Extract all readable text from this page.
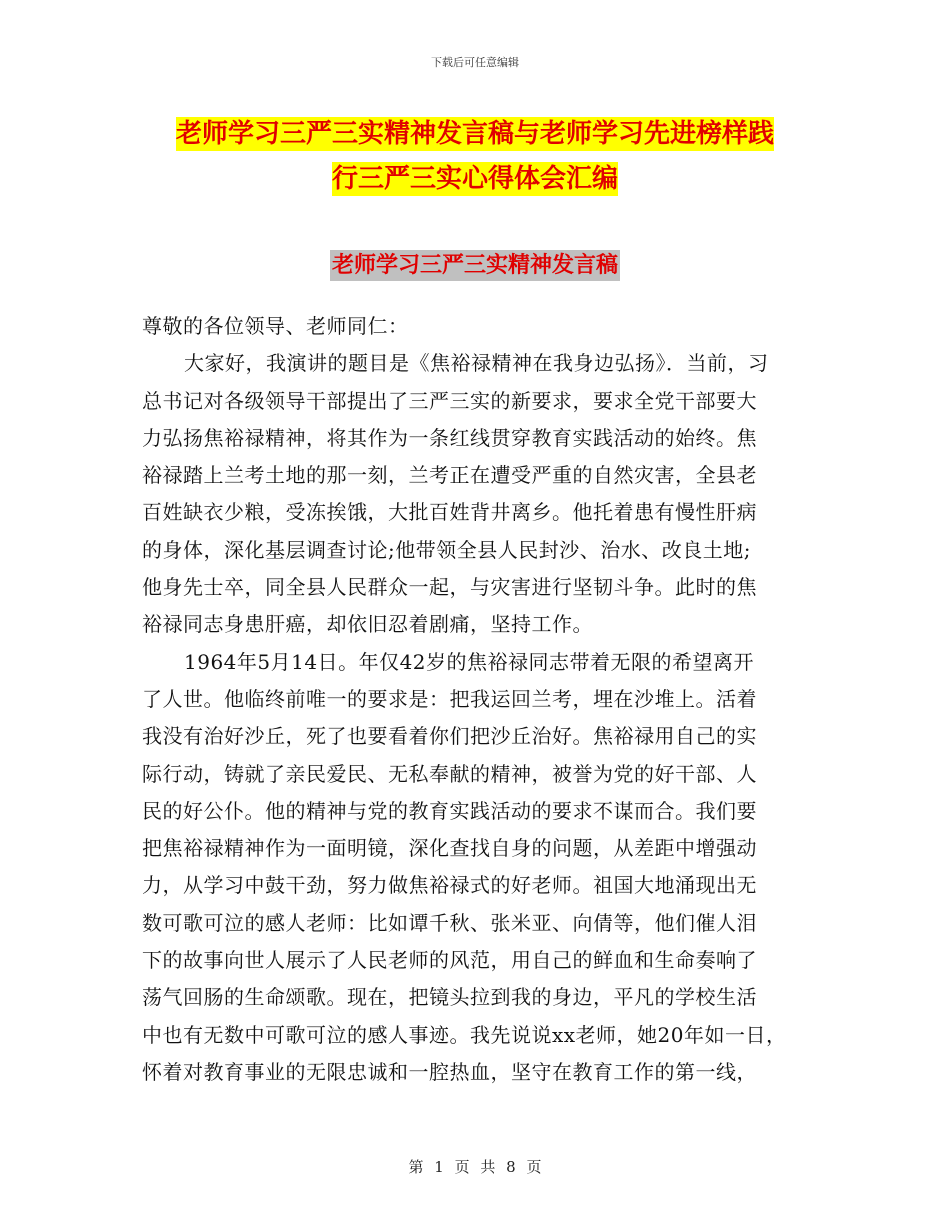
下载后可任意编辑
老师学习三严三实精神发言稿与老师学习先进榜样践
行三严三实心得体会汇编
老师学习三严三实精神发言稿
尊敬的各位领导、老师同仁：
大家好，我演讲的题目是《焦裕禄精神在我身边弘扬》．当前，习
总书记对各级领导干部提出了三严三实的新要求，要求全党干部要大
力弘扬焦裕禄精神，将其作为一条红线贯穿教育实践活动的始终。焦
裕禄踏上兰考土地的那一刻，兰考正在遭受严重的自然灾害，全县老
百姓缺衣少粮，受冻挨饿，大批百姓背井离乡。他托着患有慢性肝病
的身体，深化基层调查讨论;他带领全县人民封沙、治水、改良土地;
他身先士卒，同全县人民群众一起，与灾害进行坚韧斗争。此时的焦
裕禄同志身患肝癌，却依旧忍着剧痛，坚持工作。
1964年5月14日。年仅42岁的焦裕禄同志带着无限的希望离开
了人世。他临终前唯一的要求是：把我运回兰考，埋在沙堆上。活着
我没有治好沙丘，死了也要看着你们把沙丘治好。焦裕禄用自己的实
际行动，铸就了亲民爱民、无私奉献的精神，被誉为党的好干部、人
民的好公仆。他的精神与党的教育实践活动的要求不谋而合。我们要
把焦裕禄精神作为一面明镜，深化查找自身的问题，从差距中增强动
力，从学习中鼓干劲，努力做焦裕禄式的好老师。祖国大地涌现出无
数可歌可泣的感人老师：比如谭千秋、张米亚、向倩等，他们催人泪
下的故事向世人展示了人民老师的风范，用自己的鲜血和生命奏响了
荡气回肠的生命颂歌。现在，把镜头拉到我的身边，平凡的学校生活
中也有无数中可歌可泣的感人事迹。我先说说xx老师，她20年如一日，
怀着对教育事业的无限忠诚和一腔热血，坚守在教育工作的第一线，
第 1 页 共 8 页
